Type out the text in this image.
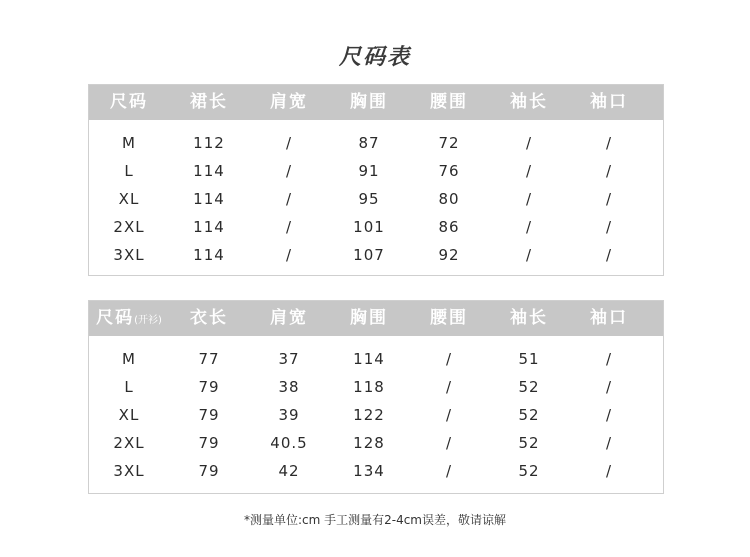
尺码表
尺码	裙长	肩宽	胸围	腰围	袖长	袖口
M	112	/	87	72	/	/
L	114	/	91	76	/	/
XL	114	/	95	80	/	/
2XL	114	/	101	86	/	/
3XL	114	/	107	92	/	/
尺码(开衫)	衣长	肩宽	胸围	腰围	袖长	袖口
M	77	37	114	/	51	/
L	79	38	118	/	52	/
XL	79	39	122	/	52	/
2XL	79	40.5	128	/	52	/
3XL	79	42	134	/	52	/
*测量单位:cm 手工测量有2-4cm误差，敬请谅解
